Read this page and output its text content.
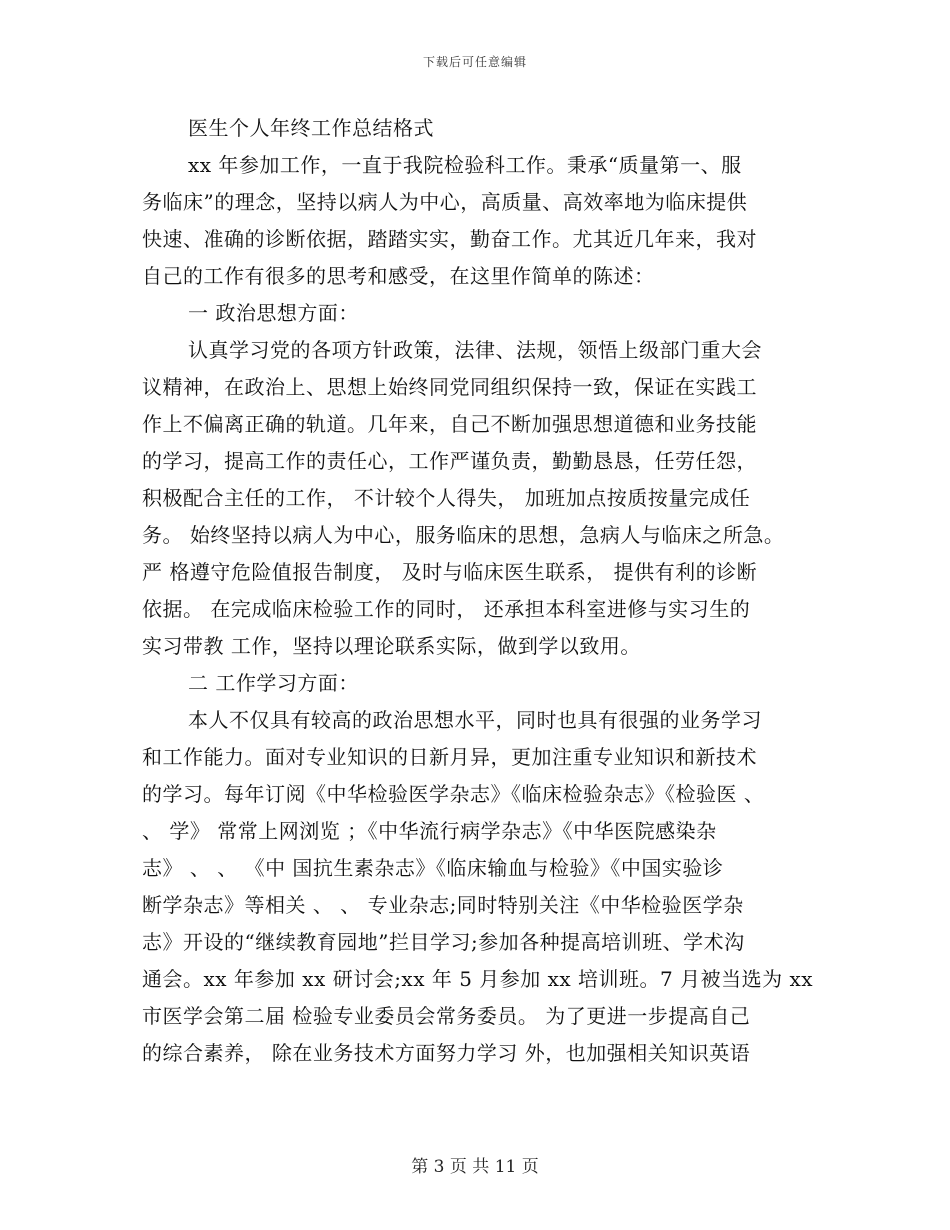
下载后可任意编辑
医生个人年终工作总结格式
xx 年参加工作，一直于我院检验科工作。秉承“质量第一、服
务临床”的理念，坚持以病人为中心，高质量、高效率地为临床提供
快速、准确的诊断依据，踏踏实实，勤奋工作。尤其近几年来，我对
自己的工作有很多的思考和感受，在这里作简单的陈述：
一 政治思想方面：
认真学习党的各项方针政策，法律、法规，领悟上级部门重大会
议精神，在政治上、思想上始终同党同组织保持一致，保证在实践工
作上不偏离正确的轨道。几年来，自己不断加强思想道德和业务技能
的学习，提高工作的责任心，工作严谨负责，勤勤恳恳，任劳任怨，
积极配合主任的工作， 不计较个人得失， 加班加点按质按量完成任
务。 始终坚持以病人为中心，服务临床的思想，急病人与临床之所急。
严 格遵守危险值报告制度， 及时与临床医生联系， 提供有利的诊断
依据。 在完成临床检验工作的同时， 还承担本科室进修与实习生的
实习带教 工作，坚持以理论联系实际，做到学以致用。
二 工作学习方面：
本人不仅具有较高的政治思想水平，同时也具有很强的业务学习
和工作能力。面对专业知识的日新月异，更加注重专业知识和新技术
的学习。每年订阅《中华检验医学杂志》《临床检验杂志》《检验医 、
、 学》 常常上网浏览 ；《中华流行病学杂志》《中华医院感染杂
志》 、 、 《中 国抗生素杂志》《临床输血与检验》《中国实验诊
断学杂志》等相关 、 、 专业杂志;同时特别关注《中华检验医学杂
志》开设的“继续教育园地”拦目学习;参加各种提高培训班、学术沟
通会。xx 年参加 xx 研讨会;xx 年 5 月参加 xx 培训班。7 月被当选为 xx
市医学会第二届 检验专业委员会常务委员。 为了更进一步提高自己
的综合素养， 除在业务技术方面努力学习 外，也加强相关知识英语
第 3 页 共 11 页
